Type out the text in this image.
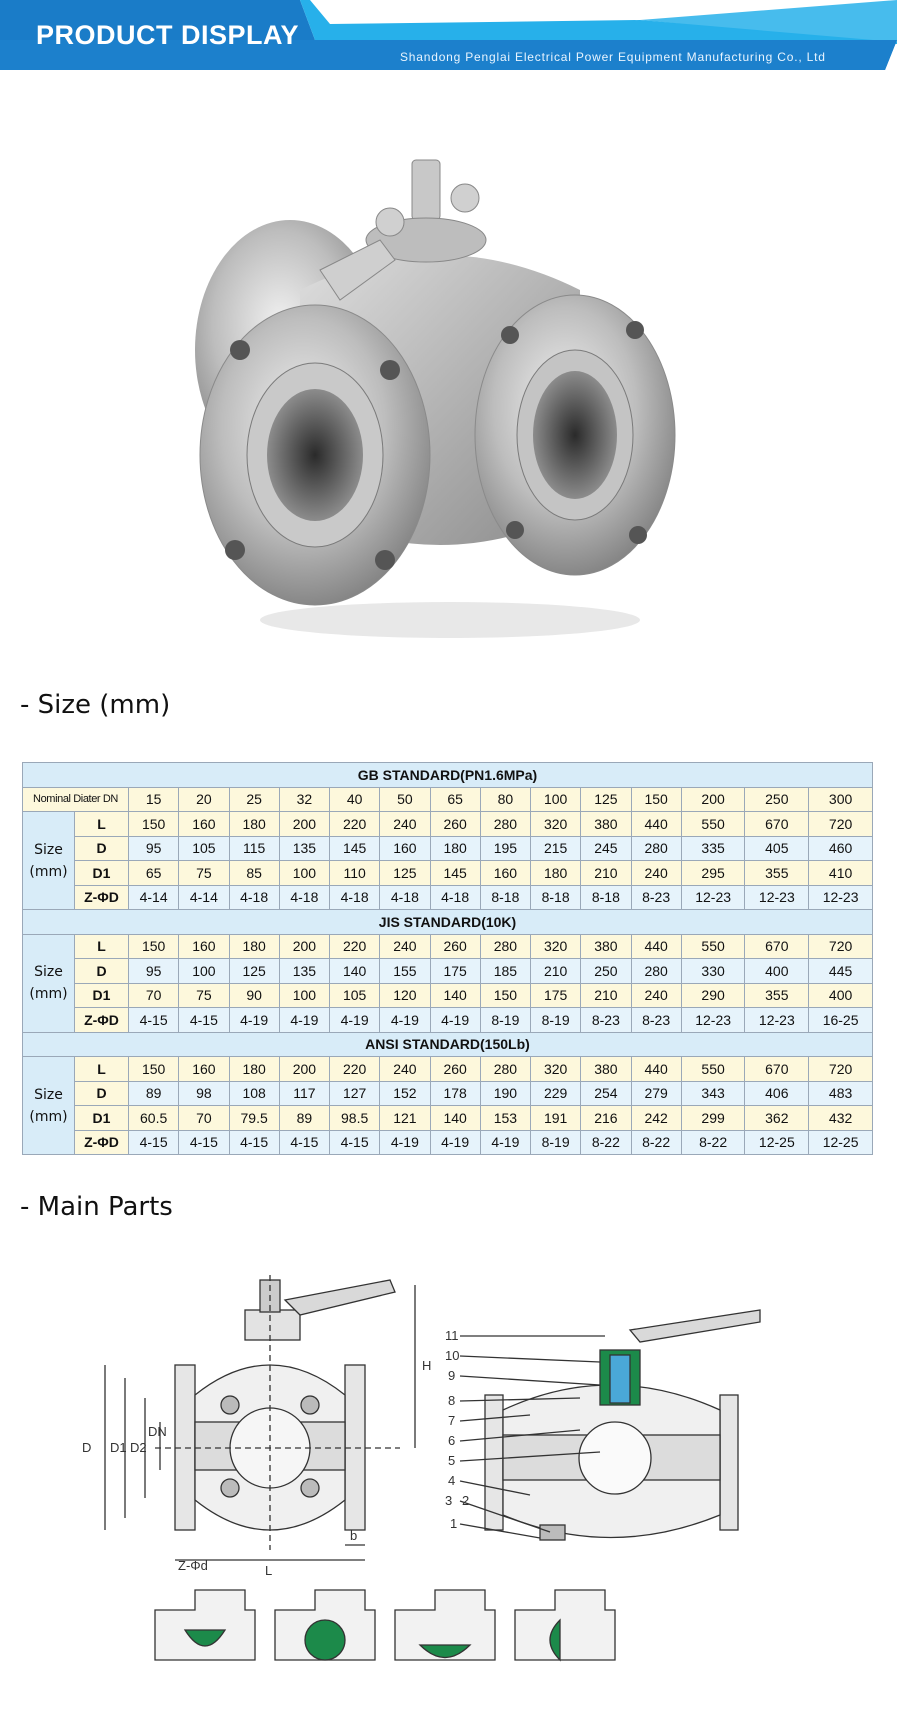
PRODUCT DISPLAY
Shandong Penglai Electrical Power Equipment Manufacturing Co., Ltd
- Size (mm)
GB STANDARD(PN1.6MPa)															
Nominal Diater DN		15	20	25	32	40	50	65	80	100	125	150	200	250	300

Size
(mm)	L	150	160	180	200	220	240	260	280	320	380	440	550	670	720
	D	95	105	115	135	145	160	180	195	215	245	280	335	405	460
	D1	65	75	85	100	110	125	145	160	180	210	240	295	355	410
	Z-ΦD	4-14	4-14	4-18	4-18	4-18	4-18	4-18	8-18	8-18	8-18	8-23	12-23	12-23	12-23
JIS STANDARD(10K)															

Size
(mm)	L	150	160	180	200	220	240	260	280	320	380	440	550	670	720
	D	95	100	125	135	140	155	175	185	210	250	280	330	400	445
	D1	70	75	90	100	105	120	140	150	175	210	240	290	355	400
	Z-ΦD	4-15	4-15	4-19	4-19	4-19	4-19	4-19	8-19	8-19	8-23	8-23	12-23	12-23	16-25
ANSI STANDARD(150Lb)															

Size
(mm)	L	150	160	180	200	220	240	260	280	320	380	440	550	670	720
	D	89	98	108	117	127	152	178	190	229	254	279	343	406	483
	D1	60.5	70	79.5	89	98.5	121	140	153	191	216	242	299	362	432
	Z-ΦD	4-15	4-15	4-15	4-15	4-15	4-19	4-19	4-19	8-19	8-22	8-22	8-22	12-25	12-25
- Main Parts
D D1 D2
DN
H
L
b
Z-Φd
11
10
9
8
7
6
5
4
3 2
1
